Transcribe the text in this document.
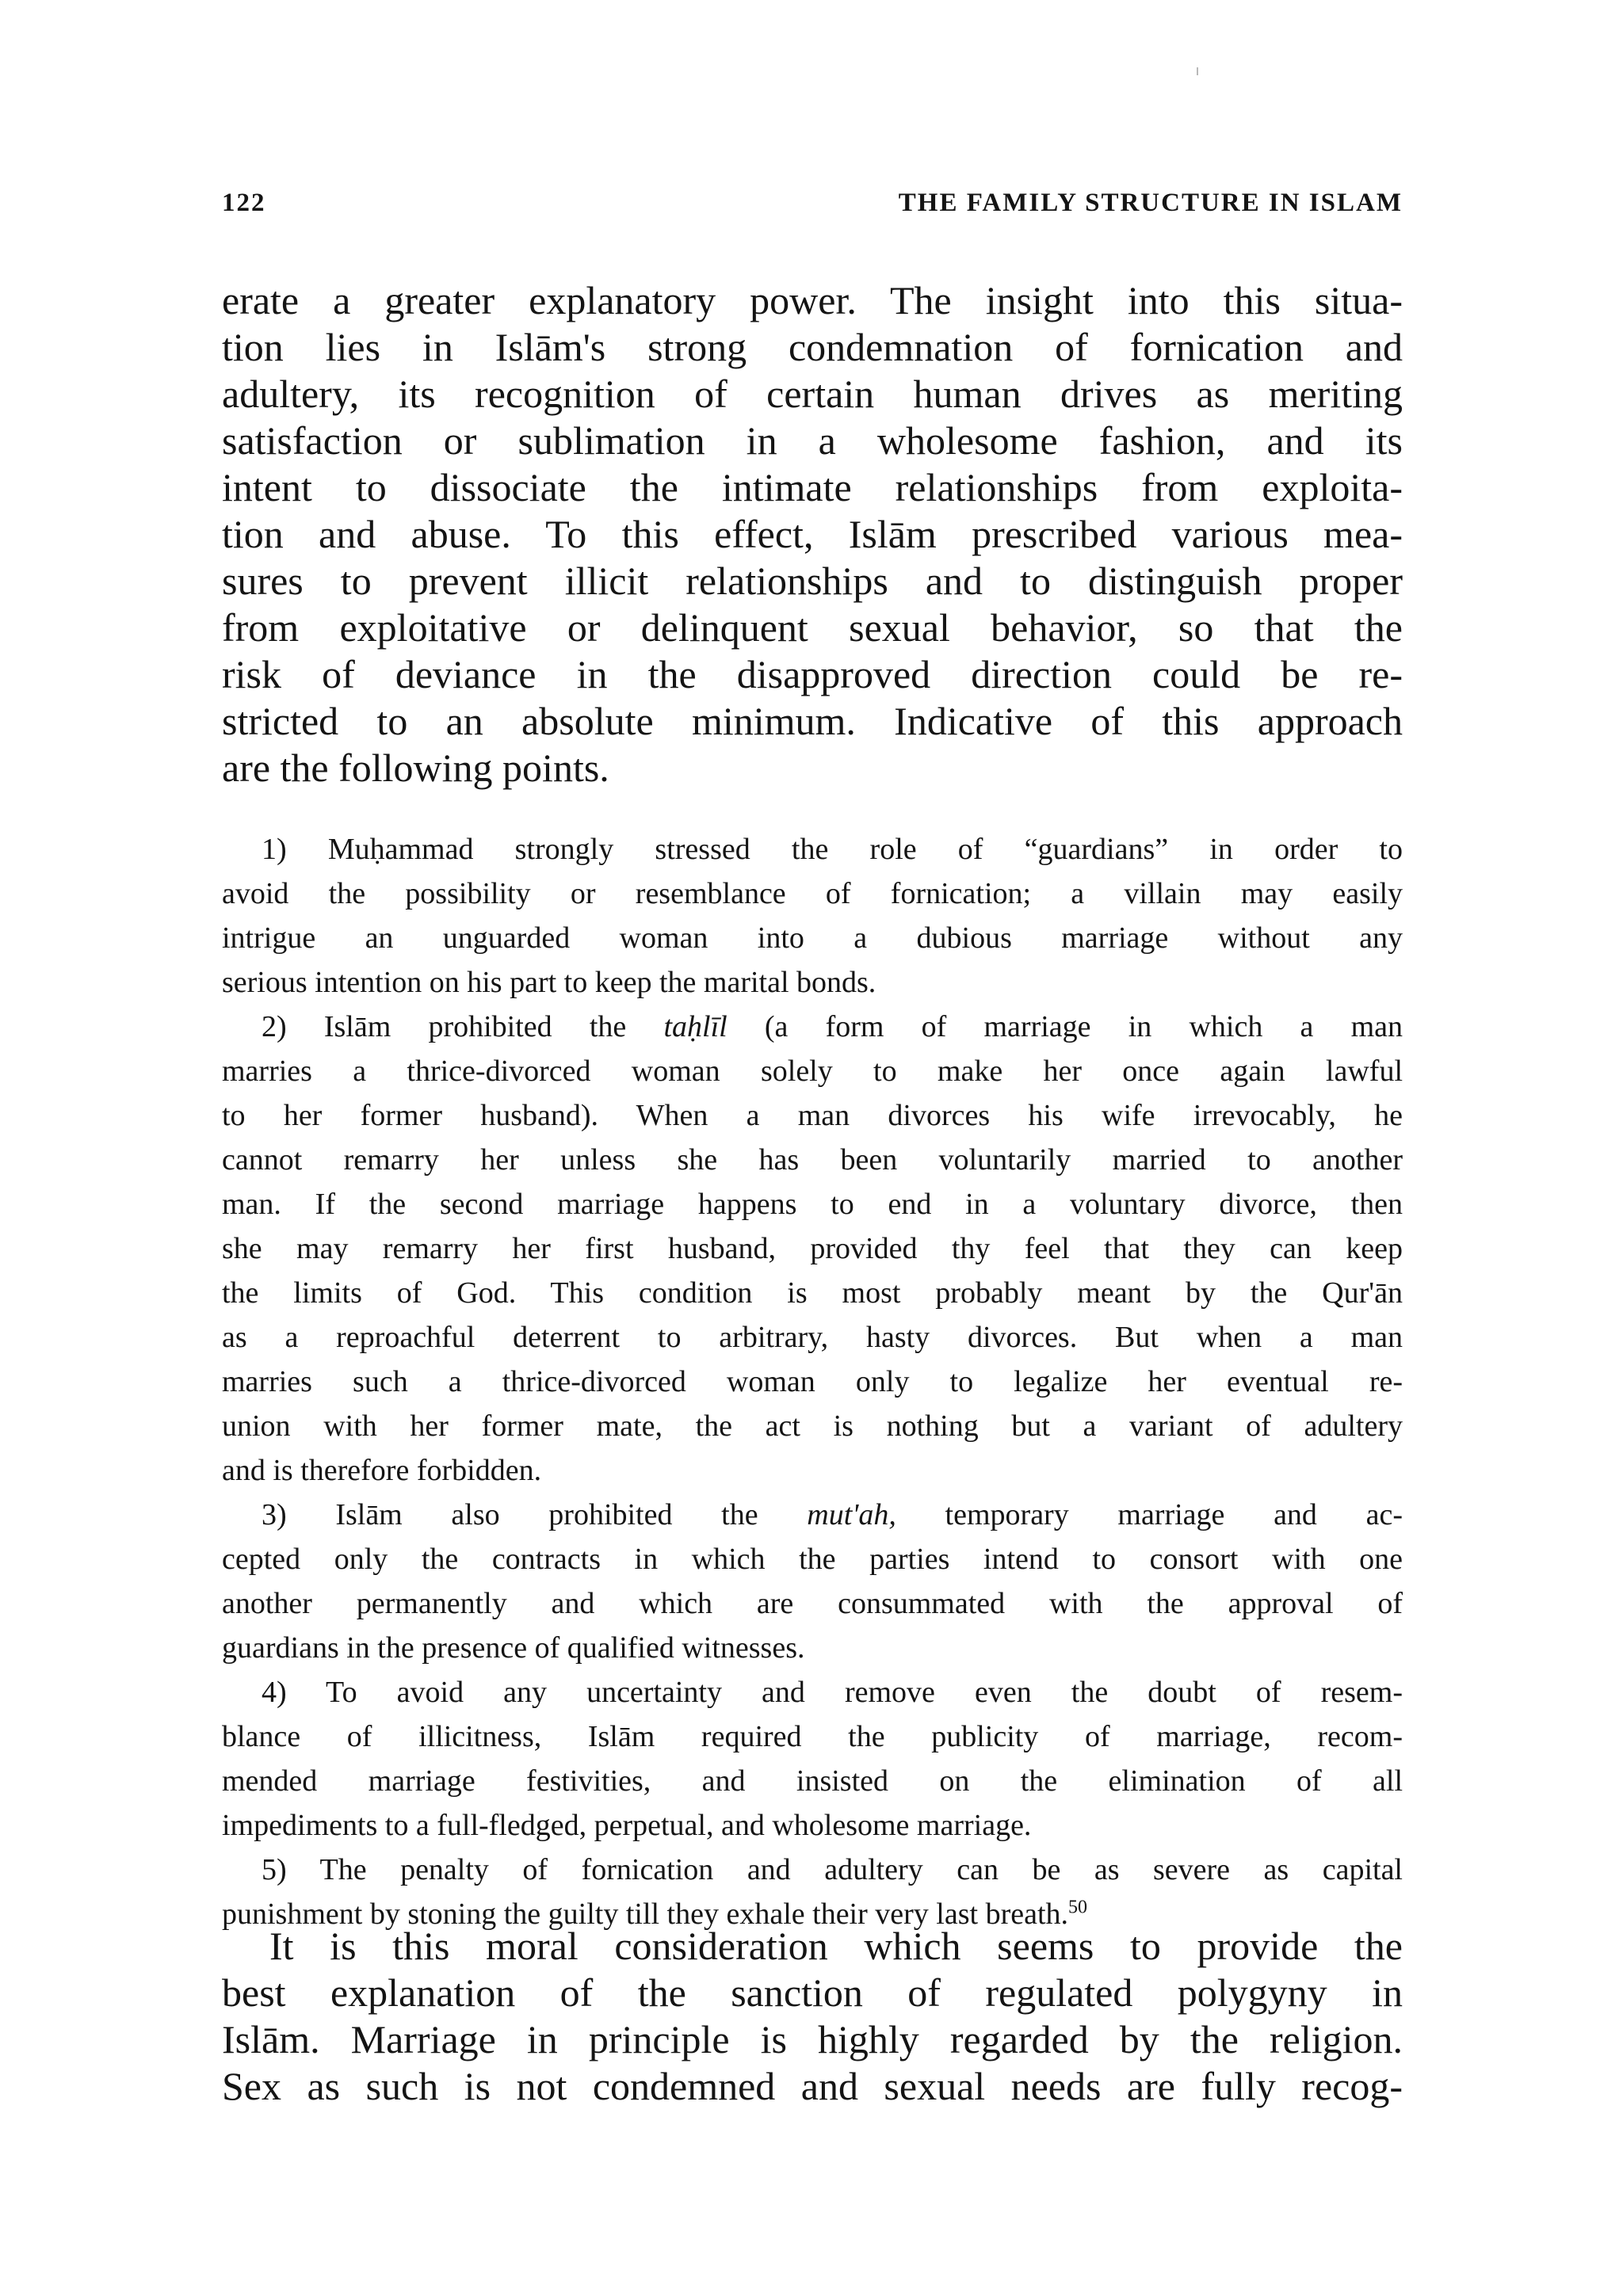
122	THE FAMILY STRUCTURE IN ISLAM
erate a greater explanatory power. The insight into this situa-
tion lies in Islām's strong condemnation of fornication and
adultery, its recognition of certain human drives as meriting
satisfaction or sublimation in a wholesome fashion, and its
intent to dissociate the intimate relationships from exploita-
tion and abuse. To this effect, Islām prescribed various mea-
sures to prevent illicit relationships and to distinguish proper
from exploitative or delinquent sexual behavior, so that the
risk of deviance in the disapproved direction could be re-
stricted to an absolute minimum. Indicative of this approach
are the following points.
1) Muḥammad strongly stressed the role of “guardians” in order to
avoid the possibility or resemblance of fornication; a villain may easily
intrigue an unguarded woman into a dubious marriage without any
serious intention on his part to keep the marital bonds.
2) Islām prohibited the taḥlīl (a form of marriage in which a man
marries a thrice-divorced woman solely to make her once again lawful
to her former husband). When a man divorces his wife irrevocably, he
cannot remarry her unless she has been voluntarily married to another
man. If the second marriage happens to end in a voluntary divorce, then
she may remarry her first husband, provided thy feel that they can keep
the limits of God. This condition is most probably meant by the Qur'ān
as a reproachful deterrent to arbitrary, hasty divorces. But when a man
marries such a thrice-divorced woman only to legalize her eventual re-
union with her former mate, the act is nothing but a variant of adultery
and is therefore forbidden.
3) Islām also prohibited the mut'ah, temporary marriage and ac-
cepted only the contracts in which the parties intend to consort with one
another permanently and which are consummated with the approval of
guardians in the presence of qualified witnesses.
4) To avoid any uncertainty and remove even the doubt of resem-
blance of illicitness, Islām required the publicity of marriage, recom-
mended marriage festivities, and insisted on the elimination of all
impediments to a full-fledged, perpetual, and wholesome marriage.
5) The penalty of fornication and adultery can be as severe as capital
punishment by stoning the guilty till they exhale their very last breath.$^{50}$
It is this moral consideration which seems to provide the
best explanation of the sanction of regulated polygyny in
Islām. Marriage in principle is highly regarded by the religion.
Sex as such is not condemned and sexual needs are fully recog-
